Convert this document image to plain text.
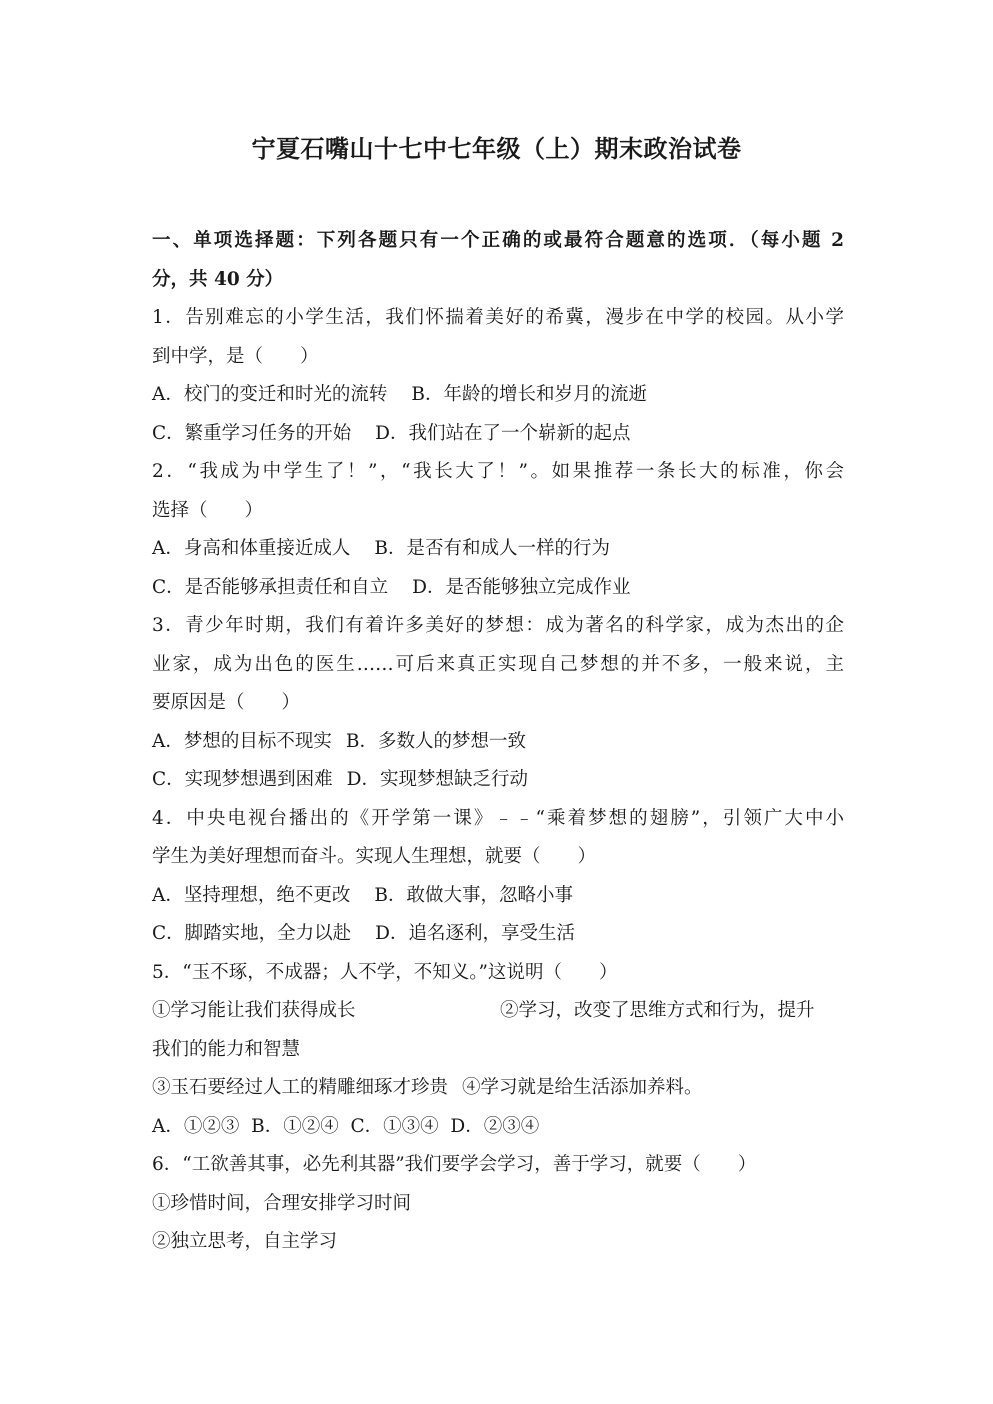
宁夏石嘴山十七中七年级（上）期末政治试卷
一、单项选择题：下列各题只有一个正确的或最符合题意的选项．（每小题 2
分，共 40 分）
1．告别难忘的小学生活，我们怀揣着美好的希冀，漫步在中学的校园。从小学
到中学，是（　　）
A．校门的变迁和时光的流转 B．年龄的增长和岁月的流逝
C．繁重学习任务的开始 D．我们站在了一个崭新的起点
2．“我成为中学生了！”，“我长大了！”。如果推荐一条长大的标准，你会
选择（　　）
A．身高和体重接近成人 B．是否有和成人一样的行为
C．是否能够承担责任和自立 D．是否能够独立完成作业
3．青少年时期，我们有着许多美好的梦想：成为著名的科学家，成为杰出的企
业家，成为出色的医生……可后来真正实现自己梦想的并不多，一般来说，主
要原因是（　　）
A．梦想的目标不现实 B．多数人的梦想一致
C．实现梦想遇到困难 D．实现梦想缺乏行动
4．中央电视台播出的《开学第一课》﹣﹣“乘着梦想的翅膀”，引领广大中小
学生为美好理想而奋斗。实现人生理想，就要（　　）
A．坚持理想，绝不更改 B．敢做大事，忽略小事
C．脚踏实地，全力以赴 D．追名逐利，享受生活
5．“玉不琢，不成器；人不学，不知义。”这说明（　　）
①学习能让我们获得成长	②学习，改变了思维方式和行为，提升
我们的能力和智慧
③玉石要经过人工的精雕细琢才珍贵 ④学习就是给生活添加养料。
A．①②③  B．①②④  C．①③④  D．②③④
6．“工欲善其事，必先利其器”我们要学会学习，善于学习，就要（　　）
①珍惜时间，合理安排学习时间
②独立思考，自主学习
